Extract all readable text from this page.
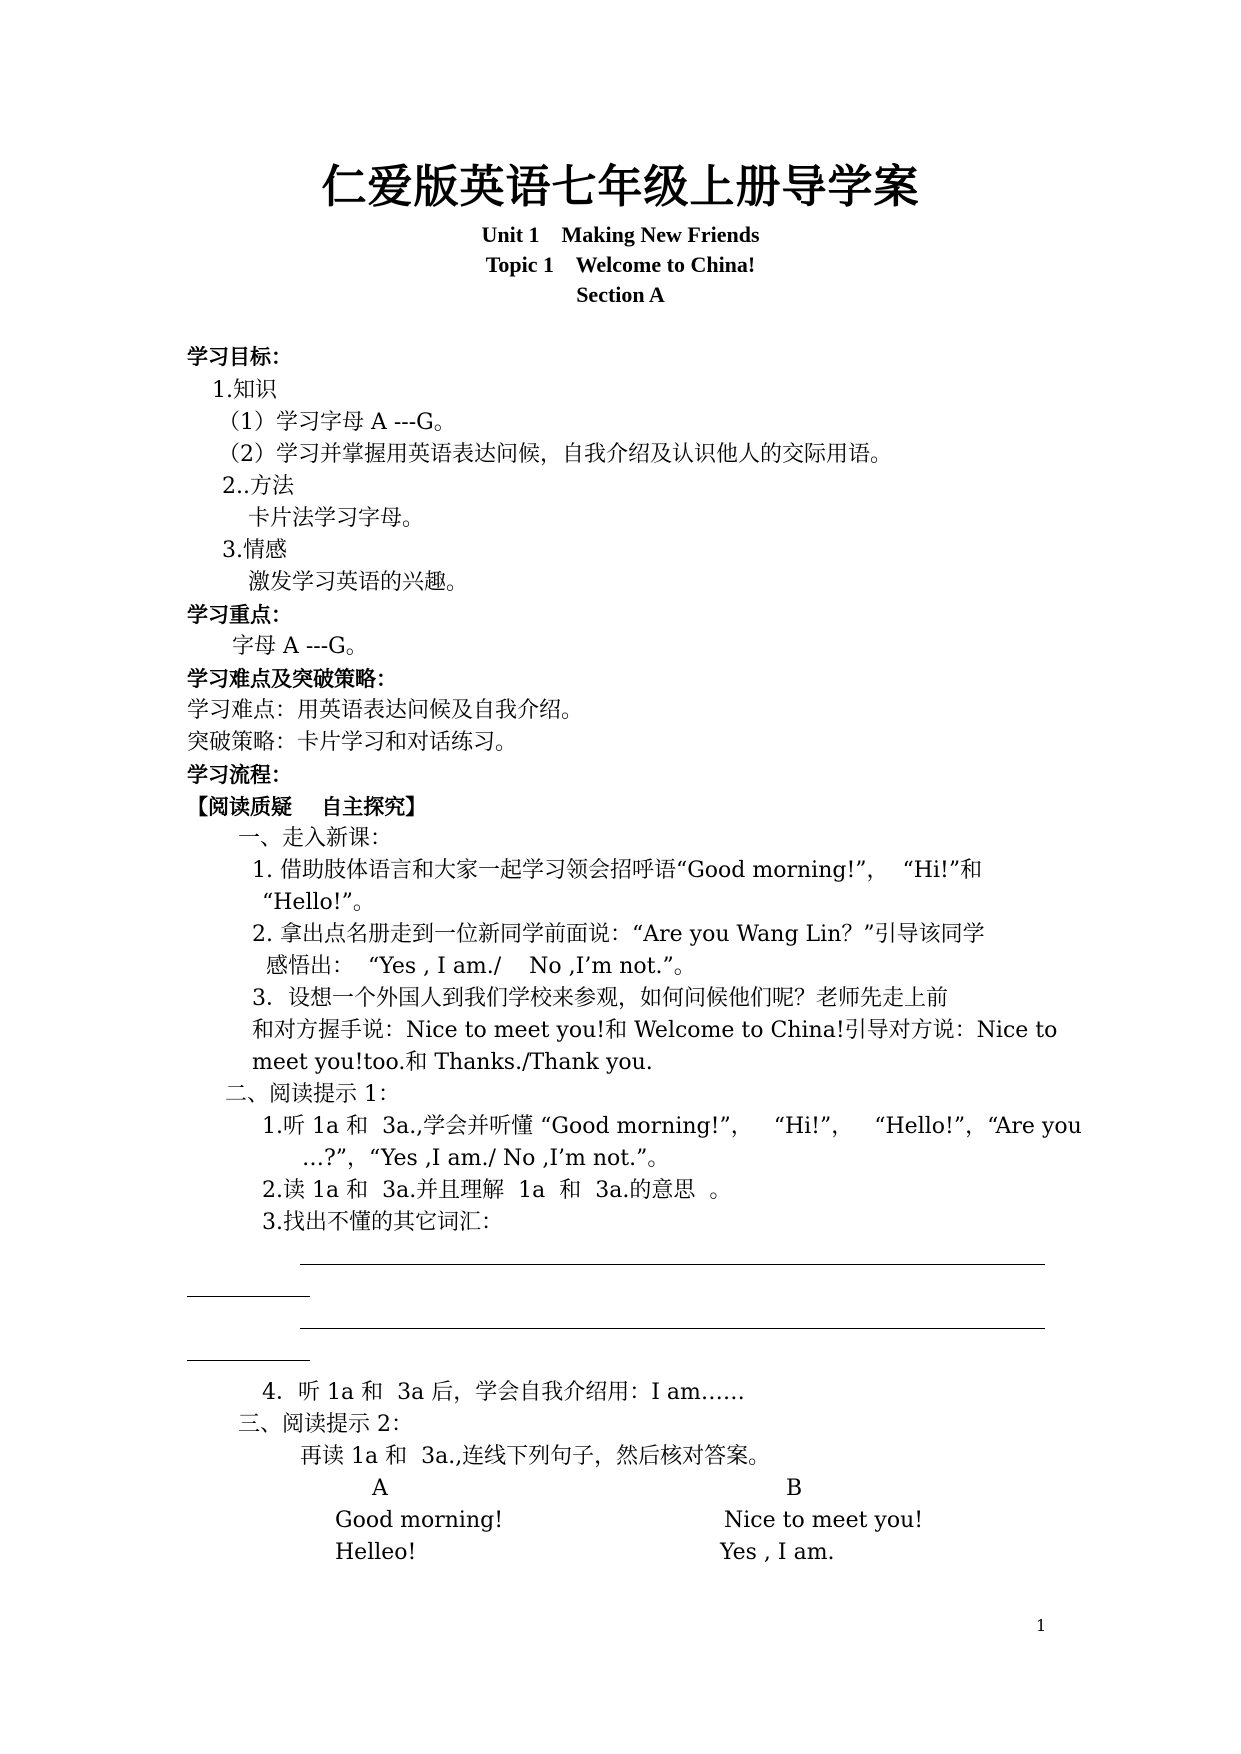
仁爱版英语七年级上册导学案
Unit 1    Making New Friends
Topic 1    Welcome to China!
Section A
学习目标：
1.知识
（1）学习字母 A ---G。
（2）学习并掌握用英语表达问候，自我介绍及认识他人的交际用语。
2..方法
卡片法学习字母。
3.情感
激发学习英语的兴趣。
学习重点：
字母 A ---G。
学习难点及突破策略：
学习难点：用英语表达问候及自我介绍。
突破策略：卡片学习和对话练习。
学习流程：
【阅读质疑    自主探究】
一、走入新课：
1. 借助肢体语言和大家一起学习领会招呼语“Good morning!”，  “Hi!”和
“Hello!”。
2. 拿出点名册走到一位新同学前面说：“Are you Wang Lin？”引导该同学
感悟出：  “Yes , I am./    No ,I’m not.”。
3．设想一个外国人到我们学校来参观，如何问候他们呢？老师先走上前
和对方握手说：Nice to meet you!和 Welcome to China!引导对方说：Nice to
meet you!too.和 Thanks./Thank you.
二、阅读提示 1：
1.听 1a 和  3a.,学会并听懂 “Good morning!”，   “Hi!”，   “Hello!”，“Are you
…?”，“Yes ,I am./ No ,I’m not.”。
2.读 1a 和  3a.并且理解  1a  和  3a.的意思  。
3.找出不懂的其它词汇：
4．听 1a 和  3a 后，学会自我介绍用：I am……
三、阅读提示 2：
再读 1a 和  3a.,连线下列句子，然后核对答案。
A	B
Good morning!	Nice to meet you!
Helleo!	Yes , I am.
1
